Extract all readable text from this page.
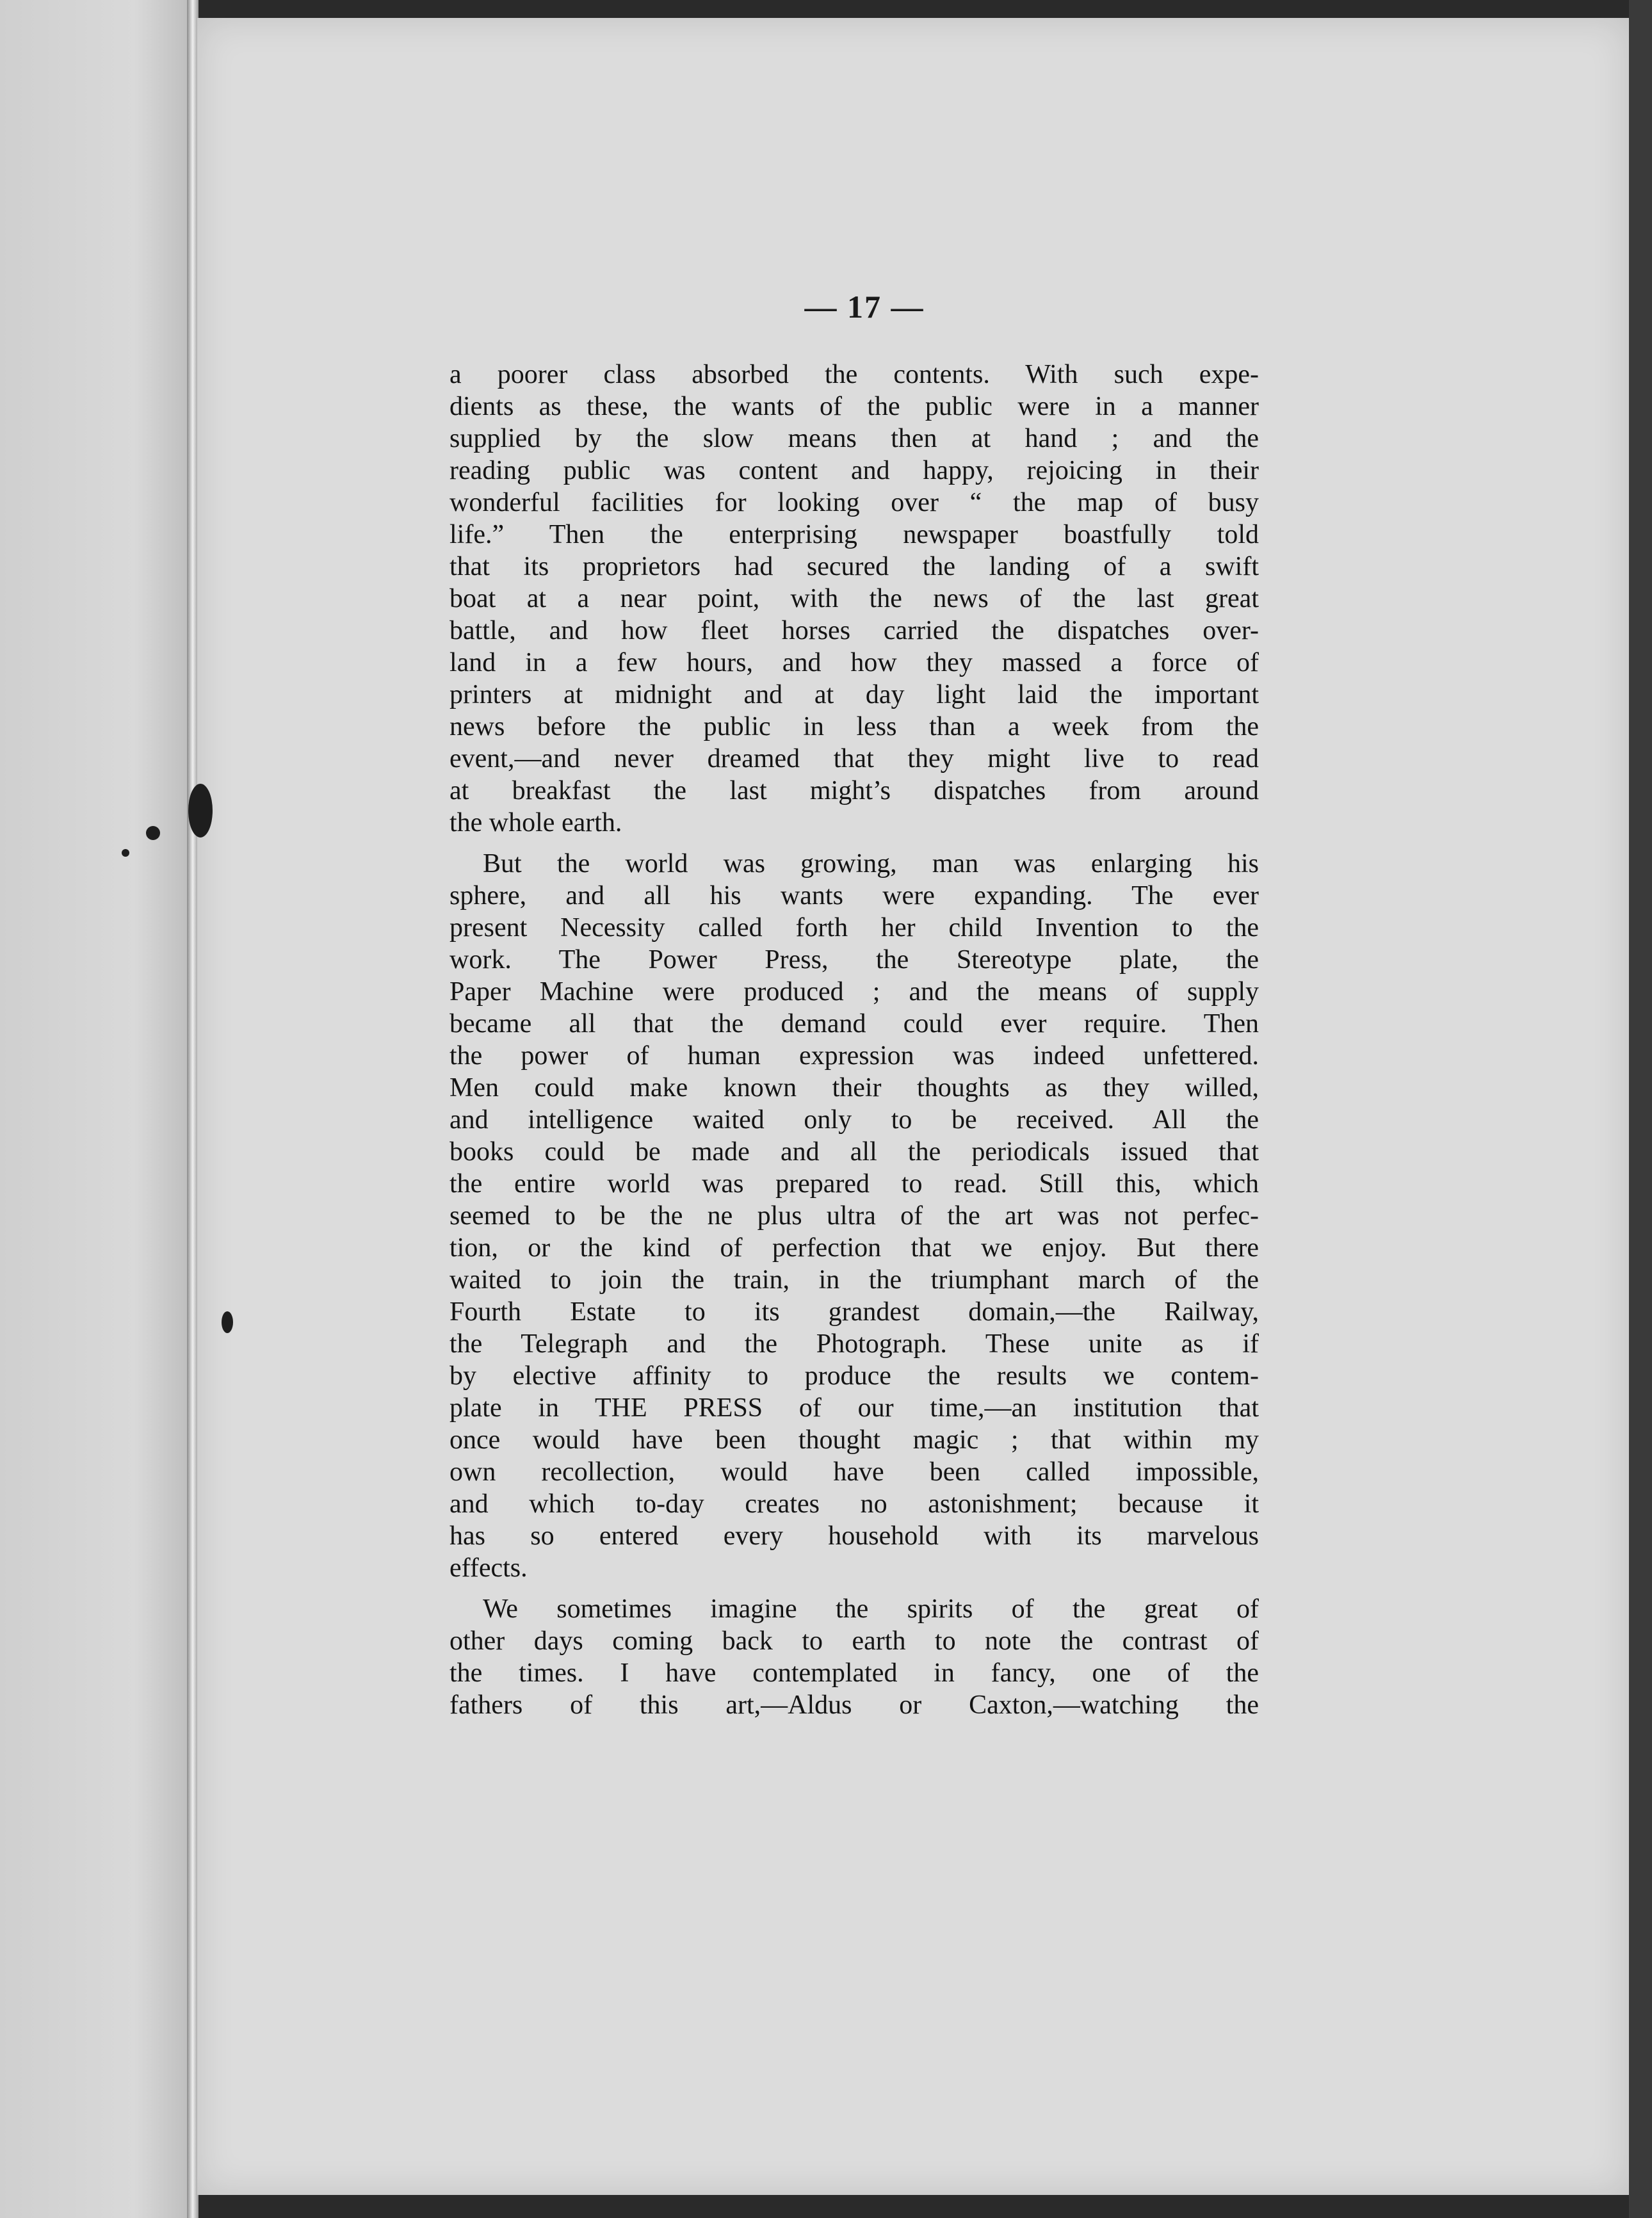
— 17 —
a poorer class absorbed the contents. With such expe-
dients as these, the wants of the public were in a manner
supplied by the slow means then at hand ; and the
reading public was content and happy, rejoicing in their
wonderful facilities for looking over “ the map of busy
life.” Then the enterprising newspaper boastfully told
that its proprietors had secured the landing of a swift
boat at a near point, with the news of the last great
battle, and how fleet horses carried the dispatches over-
land in a few hours, and how they massed a force of
printers at midnight and at day light laid the important
news before the public in less than a week from the
event,—and never dreamed that they might live to read
at breakfast the last might’s dispatches from around
the whole earth.
But the world was growing, man was enlarging his
sphere, and all his wants were expanding. The ever
present Necessity called forth her child Invention to the
work. The Power Press, the Stereotype plate, the
Paper Machine were produced ; and the means of supply
became all that the demand could ever require. Then
the power of human expression was indeed unfettered.
Men could make known their thoughts as they willed,
and intelligence waited only to be received. All the
books could be made and all the periodicals issued that
the entire world was prepared to read. Still this, which
seemed to be the ne plus ultra of the art was not perfec-
tion, or the kind of perfection that we enjoy. But there
waited to join the train, in the triumphant march of the
Fourth Estate to its grandest domain,—the Railway,
the Telegraph and the Photograph. These unite as if
by elective affinity to produce the results we contem-
plate in THE PRESS of our time,—an institution that
once would have been thought magic ; that within my
own recollection, would have been called impossible,
and which to-day creates no astonishment; because it
has so entered every household with its marvelous
effects.
We sometimes imagine the spirits of the great of
other days coming back to earth to note the contrast of
the times. I have contemplated in fancy, one of the
fathers of this art,—Aldus or Caxton,—watching the
